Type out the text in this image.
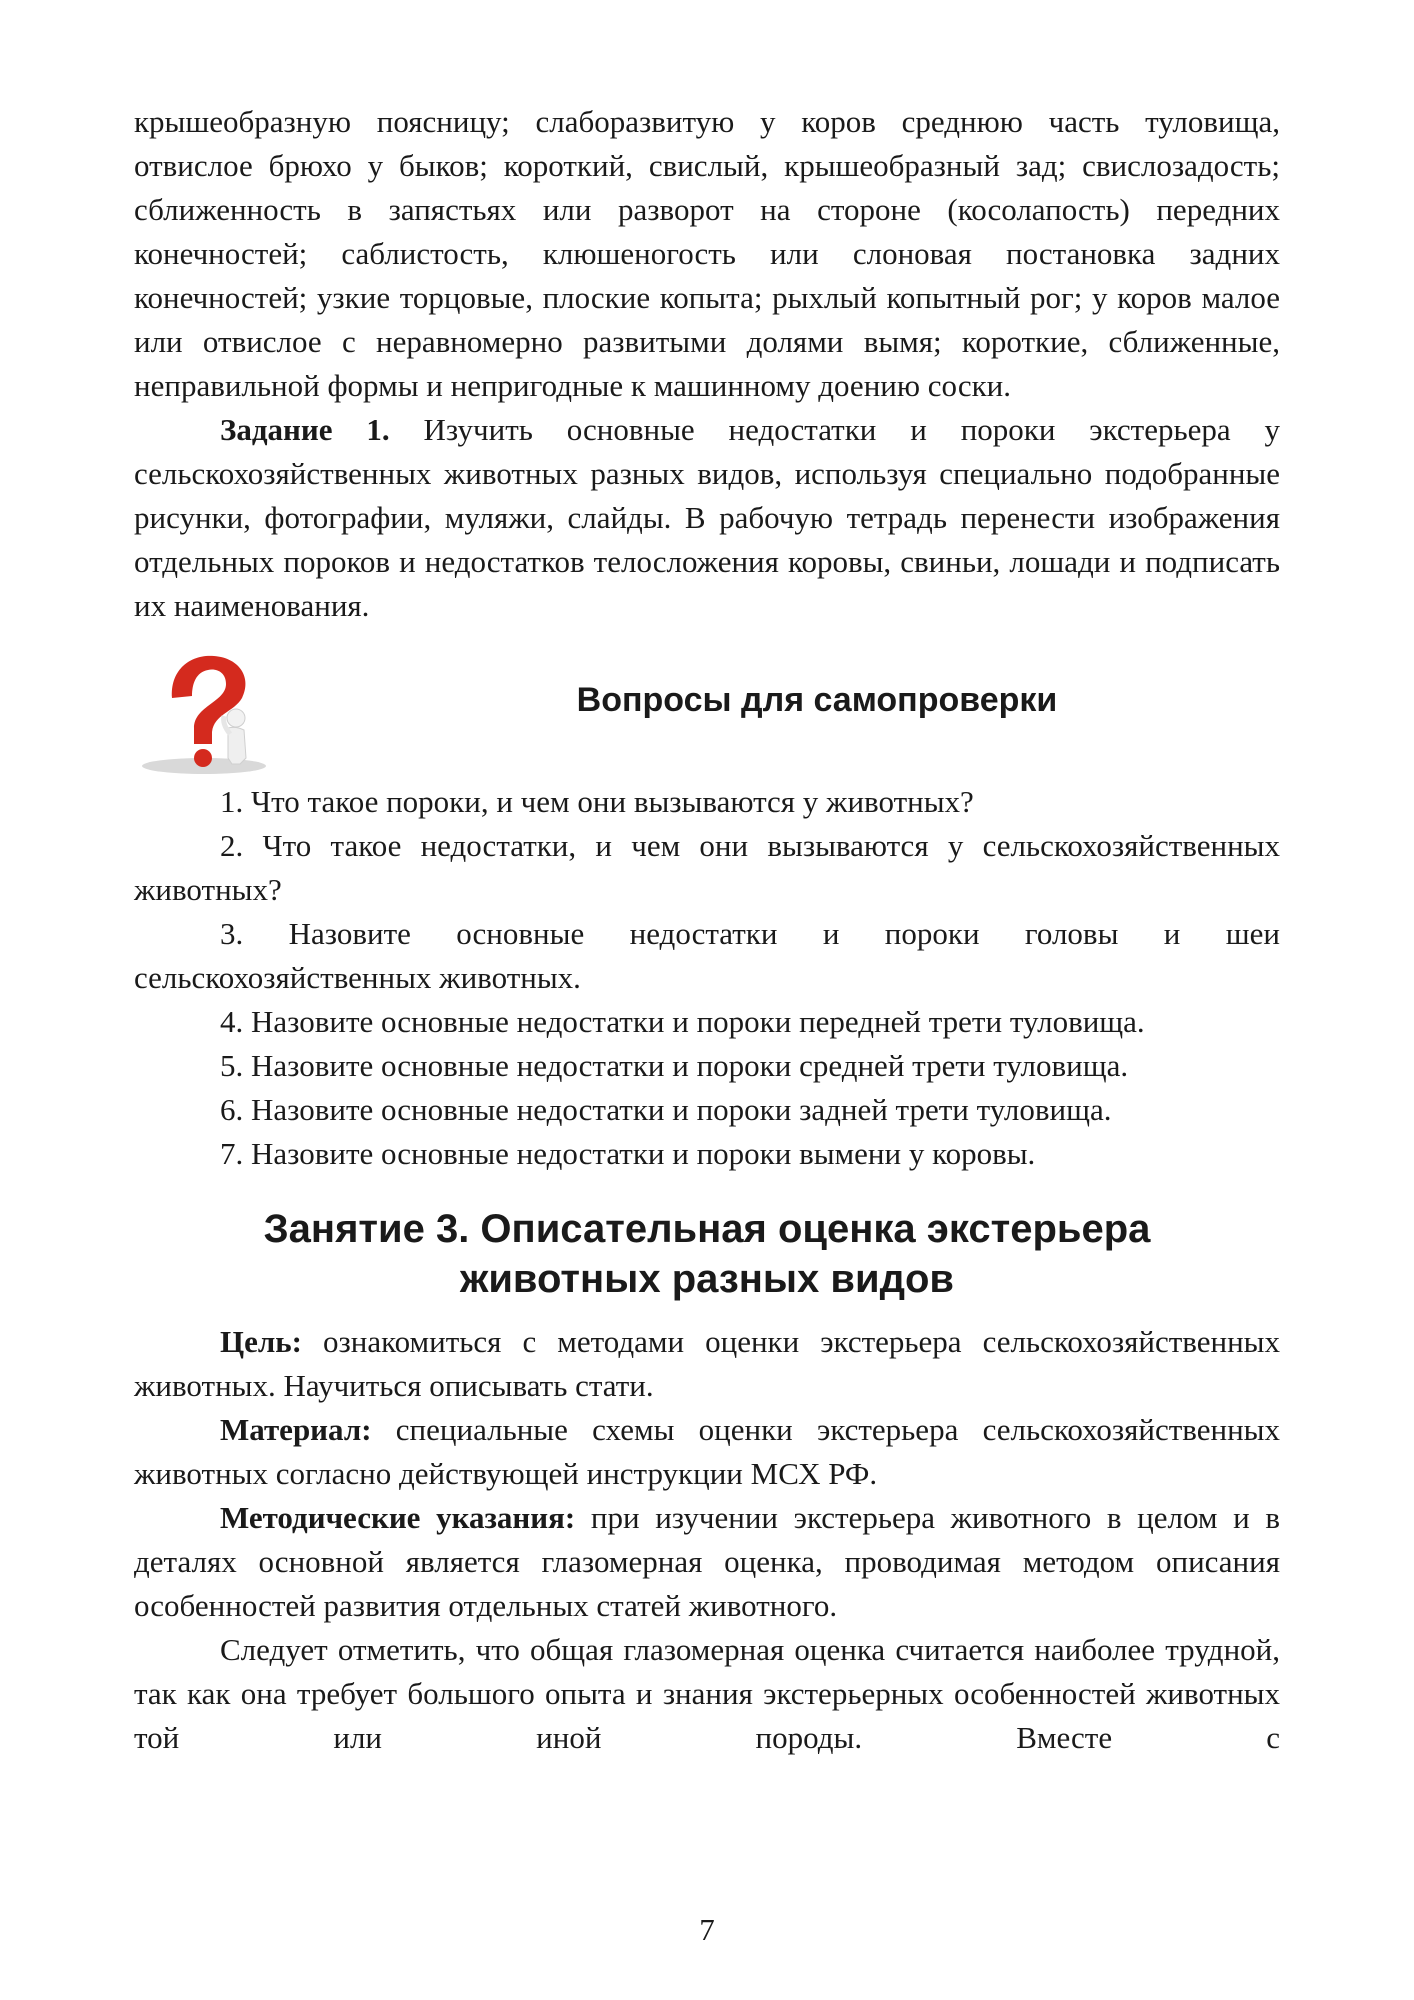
крышеобразную поясницу; слаборазвитую у коров среднюю часть туловища, отвислое брюхо у быков; короткий, свислый, крышеобразный зад; свислозадость; сближенность в запястьях или разворот на стороне (косолапость) передних конечностей; саблистость, клюшеногость или слоновая постановка задних конечностей; узкие торцовые, плоские копыта; рыхлый копытный рог; у коров малое или отвислое с неравномерно развитыми долями вымя; короткие, сближенные, неправильной формы и непригодные к машинному доению соски.

Задание 1. Изучить основные недостатки и пороки экстерьера у сельскохозяйственных животных разных видов, используя специально подобранные рисунки, фотографии, муляжи, слайды. В рабочую тетрадь перенести изображения отдельных пороков и недостатков телосложения коровы, свиньи, лошади и подписать их наименования.

Вопросы для самопроверки

1. Что такое пороки, и чем они вызываются у животных?

2. Что такое недостатки, и чем они вызываются у сельскохозяйственных животных?

3. Назовите основные недостатки и пороки головы и шеи сельскохозяйственных животных.

4. Назовите основные недостатки и пороки передней трети туловища.

5. Назовите основные недостатки и пороки средней трети туловища.

6. Назовите основные недостатки и пороки задней трети туловища.

7. Назовите основные недостатки и пороки вымени у коровы.

Занятие 3. Описательная оценка экстерьера
животных разных видов

Цель: ознакомиться с методами оценки экстерьера сельскохозяйственных животных. Научиться описывать стати.

Материал: специальные схемы оценки экстерьера сельскохозяйственных животных согласно действующей инструкции МСХ РФ.

Методические указания: при изучении экстерьера животного в целом и в деталях основной является глазомерная оценка, проводимая методом описания особенностей развития отдельных статей животного.

Следует отметить, что общая глазомерная оценка считается наиболее трудной, так как она требует большого опыта и знания экстерьерных особенностей животных той или иной породы. Вместе с

7
